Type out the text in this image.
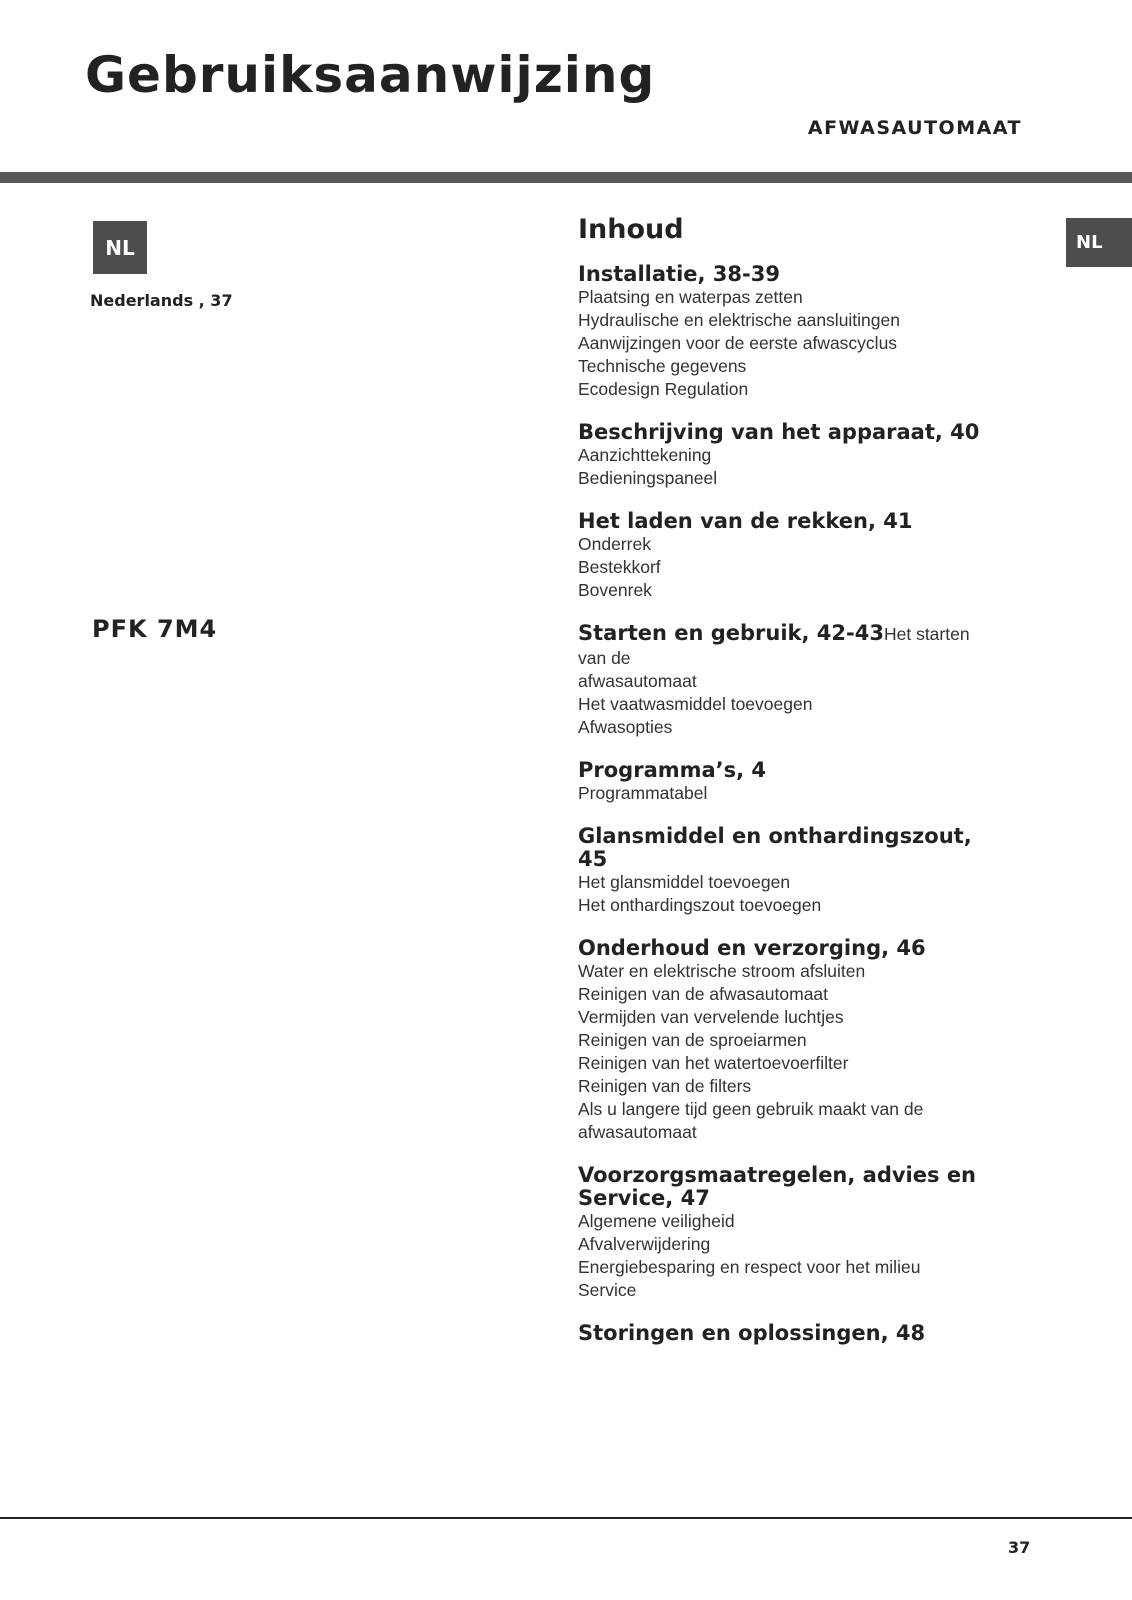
Gebruiksaanwijzing
AFWASAUTOMAAT
NL
Nederlands , 37
PFK 7M4
NL
Inhoud
Installatie, 38-39
Plaatsing en waterpas zetten
Hydraulische en elektrische aansluitingen
Aanwijzingen voor de eerste afwascyclus
Technische gegevens
Ecodesign Regulation
Beschrijving van het apparaat, 40
Aanzichttekening
Bedieningspaneel
Het laden van de rekken, 41
Onderrek
Bestekkorf
Bovenrek
Starten en gebruik, 42-43Het starten van de
afwasautomaat
Het vaatwasmiddel toevoegen
Afwasopties
Programma’s, 4
Programmatabel
Glansmiddel en onthardingszout, 45
Het glansmiddel toevoegen
Het onthardingszout toevoegen
Onderhoud en verzorging, 46
Water en elektrische stroom afsluiten
Reinigen van de afwasautomaat
Vermijden van vervelende luchtjes
Reinigen van de sproeiarmen
Reinigen van het watertoevoerfilter
Reinigen van de filters
Als u langere tijd geen gebruik maakt van de
afwasautomaat
Voorzorgsmaatregelen, advies en
Service, 47
Algemene veiligheid
Afvalverwijdering
Energiebesparing en respect voor het milieu
Service
Storingen en oplossingen, 48
37
